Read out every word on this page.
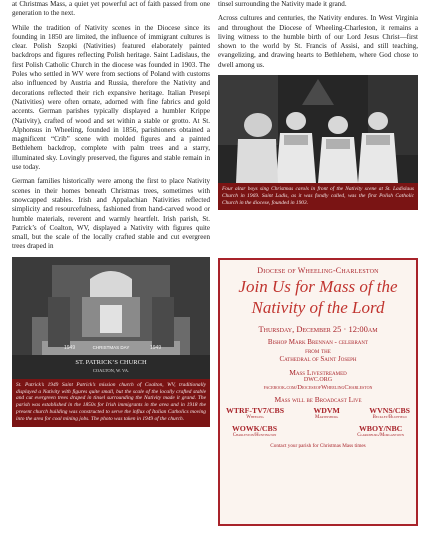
at Christmas Mass, a quiet yet powerful act of faith passed from one generation to the next.

While the tradition of Nativity scenes in the Diocese since its founding in 1850 are limited, the influence of immigrant cultures is clear. Polish Szopki (Nativities) featured elaborately painted backdrops and figures reflecting Polish heritage. Saint Ladislaus, the first Polish Catholic Church in the diocese was founded in 1903. The Poles who settled in WV were from sections of Poland with customs also influenced by Austria and Russia, therefore the Nativity and decorations reflected their rich expansive heritage. Italian Presepi (Nativities) were often ornate, adorned with fine fabrics and gold accents. German parishes typically displayed a humbler Krippe (Nativity), crafted of wood and set within a stable or grotto. At St. Alphonsus in Wheeling, founded in 1856, parishioners obtained a magnificent “Crib” scene with molded figures and a painted Bethlehem backdrop, complete with palm trees and a starry, illuminated sky. Lovingly preserved, the figures and stable remain in use today.

German families historically were among the first to place Nativity scenes in their homes beneath Christmas trees, sometimes with snowcapped stables. Irish and Appalachian Nativities reflected simplicity and resourcefulness, fashioned from hand-carved wood or humble materials, reverent and warmly heartfelt. Irish parish, St. Patrick’s of Coalton, WV, displayed a Nativity with figures quite small, but the scale of the locally crafted stable and cut evergreen trees draped in

1949	1949
CHRISTMAS DAY
ST. PATRICK’S CHURCH
COALTON, W. VA.
St. Patrick’s 1949 Saint Patrick’s mission church of Coalton, WV, traditionally displayed a Nativity with figures quite small, but the scale of the locally crafted stable and cut evergreen trees draped in tinsel surrounding the Nativity made it grand. The parish was established in the 1850s for Irish immigrants in the area and in 1918 the present church building was constructed to serve the influx of Italian Catholics moving into the area for coal mining jobs. The photo was taken in 1949 of the church.

tinsel surrounding the Nativity made it grand.

Across cultures and centuries, the Nativity endures. In West Virginia and throughout the Diocese of Wheeling-Charleston, it remains a living witness to the humble birth of our Lord Jesus Christ—first shown to the world by St. Francis of Assisi, and still teaching, evangelizing, and drawing hearts to Bethlehem, where God chose to dwell among us.

Four altar boys sing Christmas carols in front of the Nativity scene at St. Ladislaus Church in 1969. Saint Ladis, as it was fondly called, was the first Polish Catholic Church in the diocese, founded in 1903.
Diocese of Wheeling-Charleston
Join Us for Mass of the
Nativity of the Lord
Thursday, December 25 · 12:00am
Bishop Mark Brennan - celebrant
from the
Cathedral of Saint Joseph
Mass Livestreamed
DWC.ORG
facebook.com/DioceseofWheelingCharleston
Mass will be Broadcast Live
WTRF-TV7/CBS
Wheeling
WDVM
Martinsburg
WVNS/CBS
Beckley/Bluefield
WOWK/CBS
Charleston/Huntington
WBOY/NBC
Clarksburg/Morgantown
Contact your parish for Christmas Mass times
